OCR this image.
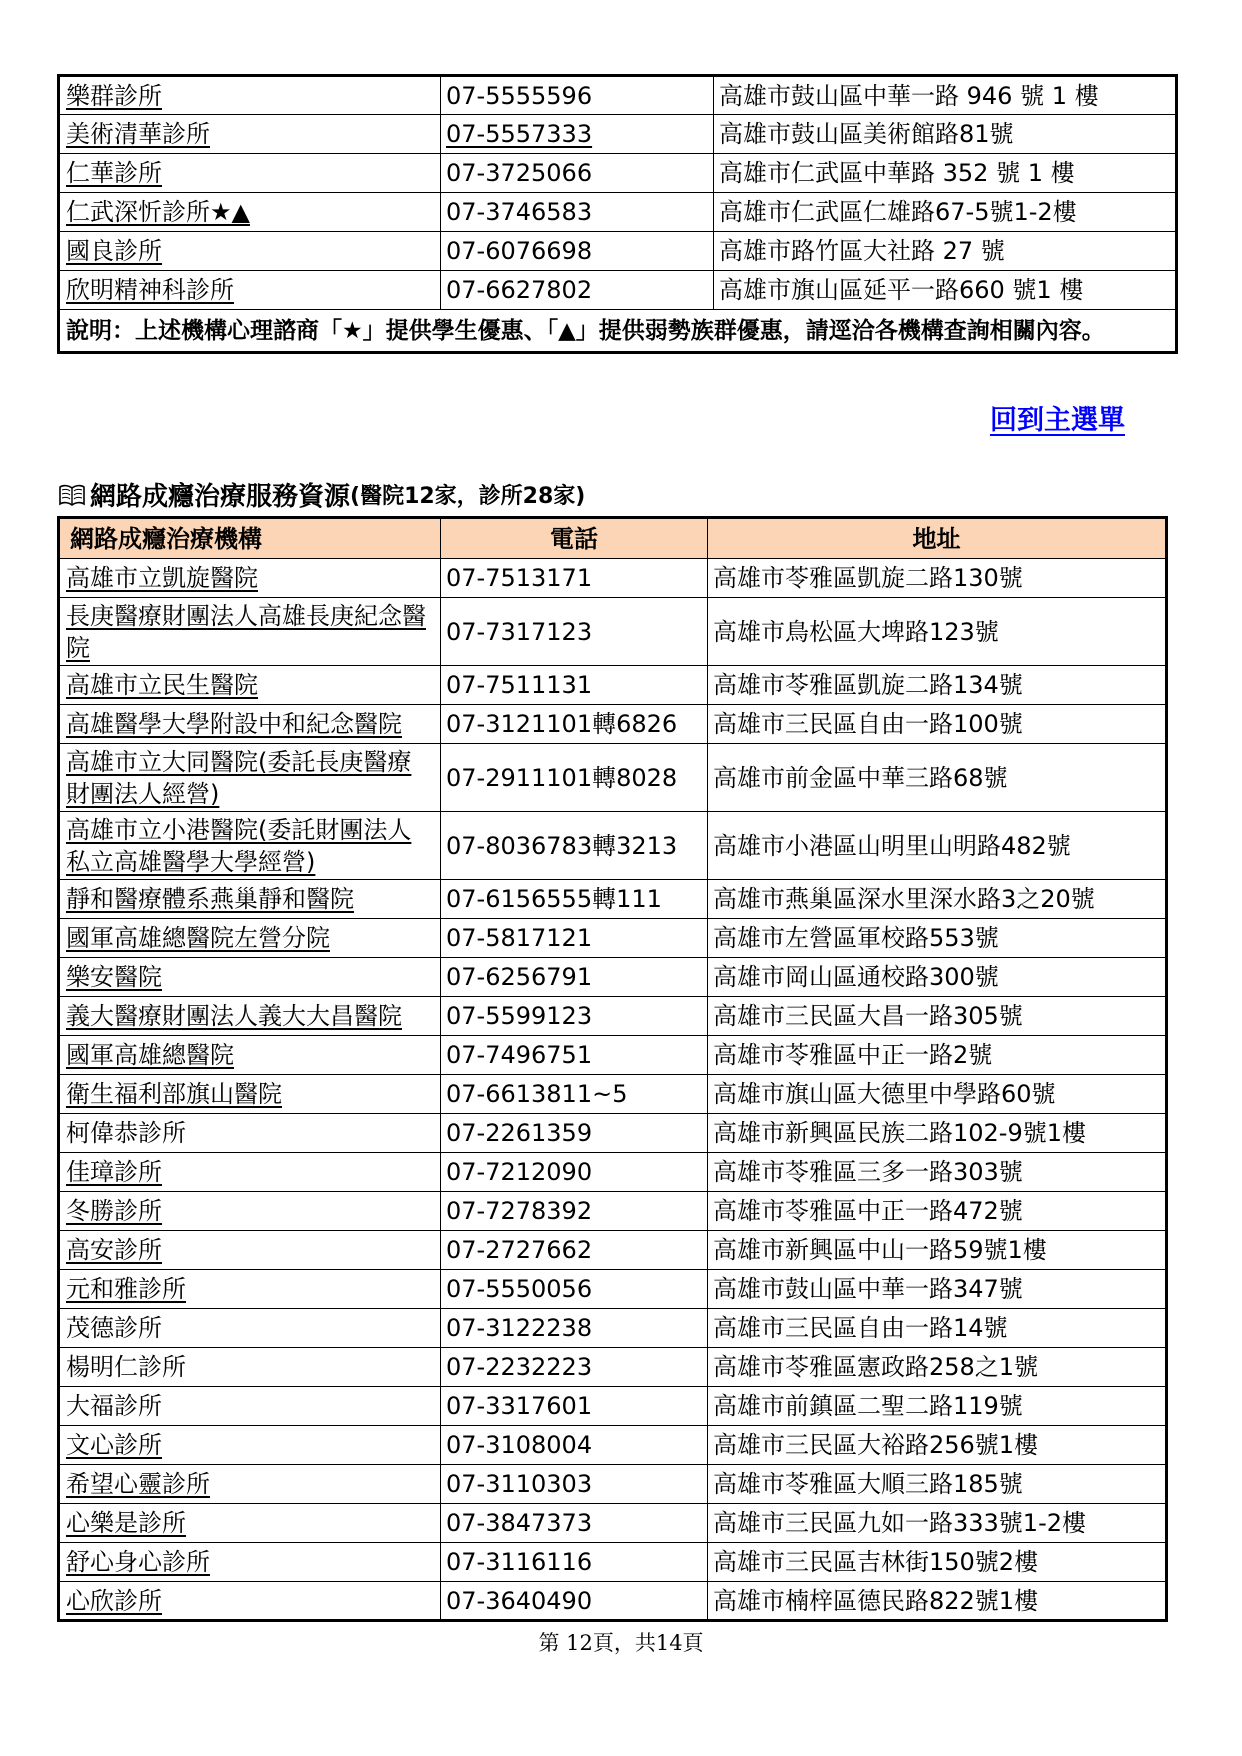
樂群診所	07-5555596	高雄市鼓山區中華一路 946 號 1 樓
美術清華診所	07-5557333	高雄市鼓山區美術館路81號
仁華診所	07-3725066	高雄市仁武區中華路 352 號 1 樓
仁武深忻診所★▲	07-3746583	高雄市仁武區仁雄路67-5號1-2樓
國良診所	07-6076698	高雄市路竹區大社路 27 號
欣明精神科診所	07-6627802	高雄市旗山區延平一路660 號1 樓
說明：上述機構心理諮商「★」提供學生優惠、「▲」提供弱勢族群優惠，請逕洽各機構查詢相關內容。		
回到主選單
網路成癮治療服務資源 (醫院12家，診所28家)
網路成癮治療機構	電話	地址
高雄市立凱旋醫院	07-7513171	高雄市苓雅區凱旋二路130號
長庚醫療財團法人高雄長庚紀念醫院	07-7317123	高雄市鳥松區大埤路123號
高雄市立民生醫院	07-7511131	高雄市苓雅區凱旋二路134號
高雄醫學大學附設中和紀念醫院	07-3121101轉6826	高雄市三民區自由一路100號
高雄市立大同醫院(委託長庚醫療財團法人經營)	07-2911101轉8028	高雄市前金區中華三路68號
高雄市立小港醫院(委託財團法人私立高雄醫學大學經營)	07-8036783轉3213	高雄市小港區山明里山明路482號
靜和醫療體系燕巢靜和醫院	07-6156555轉111	高雄市燕巢區深水里深水路3之20號
國軍高雄總醫院左營分院	07-5817121	高雄市左營區軍校路553號
樂安醫院	07-6256791	高雄市岡山區通校路300號
義大醫療財團法人義大大昌醫院	07-5599123	高雄市三民區大昌一路305號
國軍高雄總醫院	07-7496751	高雄市苓雅區中正一路2號
衛生福利部旗山醫院	07-6613811~5	高雄市旗山區大德里中學路60號
柯偉恭診所	07-2261359	高雄市新興區民族二路102-9號1樓
佳璋診所	07-7212090	高雄市苓雅區三多一路303號
冬勝診所	07-7278392	高雄市苓雅區中正一路472號
高安診所	07-2727662	高雄市新興區中山一路59號1樓
元和雅診所	07-5550056	高雄市鼓山區中華一路347號
茂德診所	07-3122238	高雄市三民區自由一路14號
楊明仁診所	07-2232223	高雄市苓雅區憲政路258之1號
大福診所	07-3317601	高雄市前鎮區二聖二路119號
文心診所	07-3108004	高雄市三民區大裕路256號1樓
希望心靈診所	07-3110303	高雄市苓雅區大順三路185號
心樂是診所	07-3847373	高雄市三民區九如一路333號1-2樓
舒心身心診所	07-3116116	高雄市三民區吉林街150號2樓
心欣診所	07-3640490	高雄市楠梓區德民路822號1樓
第 12頁，共14頁
